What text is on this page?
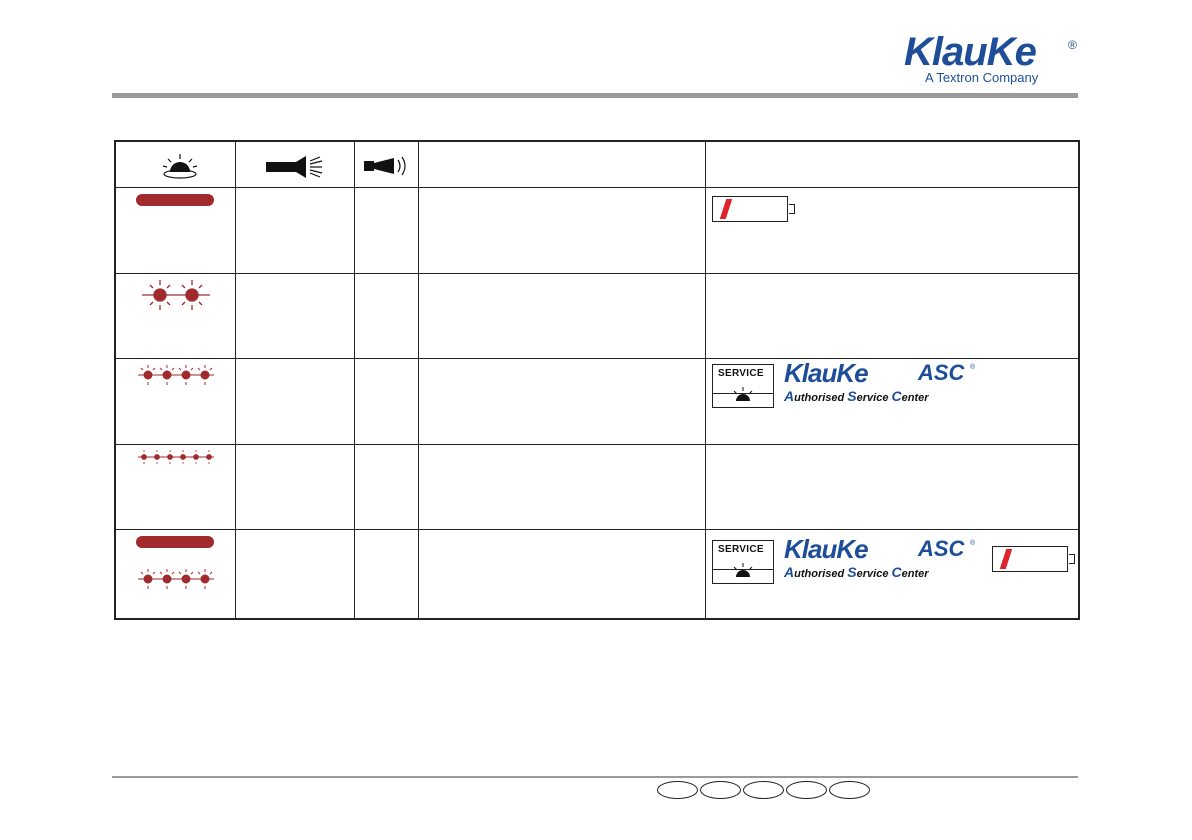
KlauKe	®
A Textron Company
SERVICE KlauKe ASC ®
Authorised Service Center
SERVICE KlauKe ASC ®
Authorised Service Center
